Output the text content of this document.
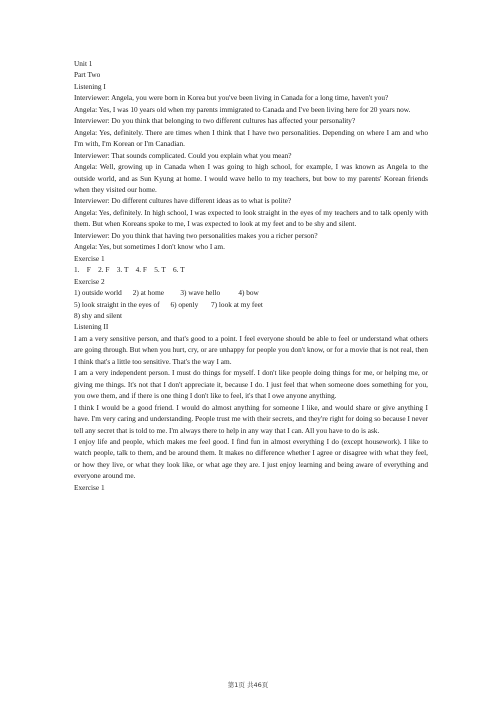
Unit 1
Part Two
Listening I
Interviewer: Angela, you were born in Korea but you've been living in Canada for a long time, haven't you?
Angela: Yes, I was 10 years old when my parents immigrated to Canada and I've been living here for 20 years now.
Interviewer: Do you think that belonging to two different cultures has affected your personality?
Angela: Yes, definitely. There are times when I think that I have two personalities. Depending on where I am and who I'm with, I'm Korean or I'm Canadian.
Interviewer: That sounds complicated. Could you explain what you mean?
Angela: Well, growing up in Canada when I was going to high school, for example, I was known as Angela to the outside world, and as Sun Kyung at home. I would wave hello to my teachers, but bow to my parents' Korean friends when they visited our home.
Interviewer: Do different cultures have different ideas as to what is polite?
Angela: Yes, definitely. In high school, I was expected to look straight in the eyes of my teachers and to talk openly with them. But when Koreans spoke to me, I was expected to look at my feet and to be shy and silent.
Interviewer: Do you think that having two personalities makes you a richer person?
Angela: Yes, but sometimes I don't know who I am.
Exercise 1
1.    F    2. F    3. T    4. F    5. T    6. T
Exercise 2
1) outside world      2) at home         3) wave hello          4) bow
5) look straight in the eyes of      6) openly       7) look at my feet
8) shy and silent
Listening II
I am a very sensitive person, and that's good to a point. I feel everyone should be able to feel or understand what others are going through. But when you hurt, cry, or are unhappy for people you don't know, or for a movie that is not real, then I think that's a little too sensitive. That's the way I am.
I am a very independent person. I must do things for myself. I don't like people doing things for me, or helping me, or giving me things. It's not that I don't appreciate it, because I do. I just feel that when someone does something for you, you owe them, and if there is one thing I don't like to feel, it's that I owe anyone anything.
I think I would be a good friend. I would do almost anything for someone I like, and would share or give anything I have. I'm very caring and understanding. People trust me with their secrets, and they're right for doing so because I never tell any secret that is told to me. I'm always there to help in any way that I can. All you have to do is ask.
I enjoy life and people, which makes me feel good. I find fun in almost everything I do (except housework). I like to watch people, talk to them, and be around them. It makes no difference whether I agree or disagree with what they feel, or how they live, or what they look like, or what age they are. I just enjoy learning and being aware of everything and everyone around me.
Exercise 1
第1页 共46页
